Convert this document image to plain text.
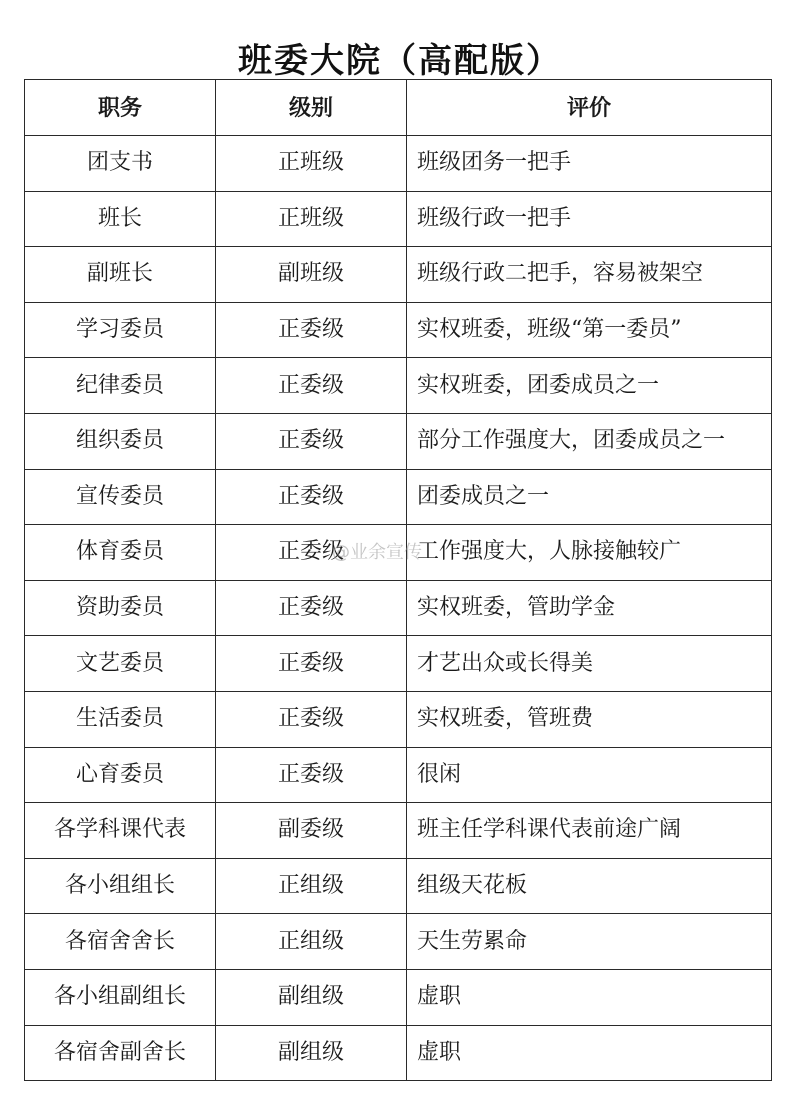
班委大院（高配版）
职务	级别	评价
团支书	正班级	班级团务一把手
班长	正班级	班级行政一把手
副班长	副班级	班级行政二把手，容易被架空
学习委员	正委级	实权班委，班级“第一委员”
纪律委员	正委级	实权班委，团委成员之一
组织委员	正委级	部分工作强度大，团委成员之一
宣传委员	正委级	团委成员之一
体育委员	正委级	工作强度大，人脉接触较广
资助委员	正委级	实权班委，管助学金
文艺委员	正委级	才艺出众或长得美
生活委员	正委级	实权班委，管班费
心育委员	正委级	很闲
各学科课代表	副委级	班主任学科课代表前途广阔
各小组组长	正组级	组级天花板
各宿舍舍长	正组级	天生劳累命
各小组副组长	副组级	虚职
各宿舍副舍长	副组级	虚职
@业余宣传
